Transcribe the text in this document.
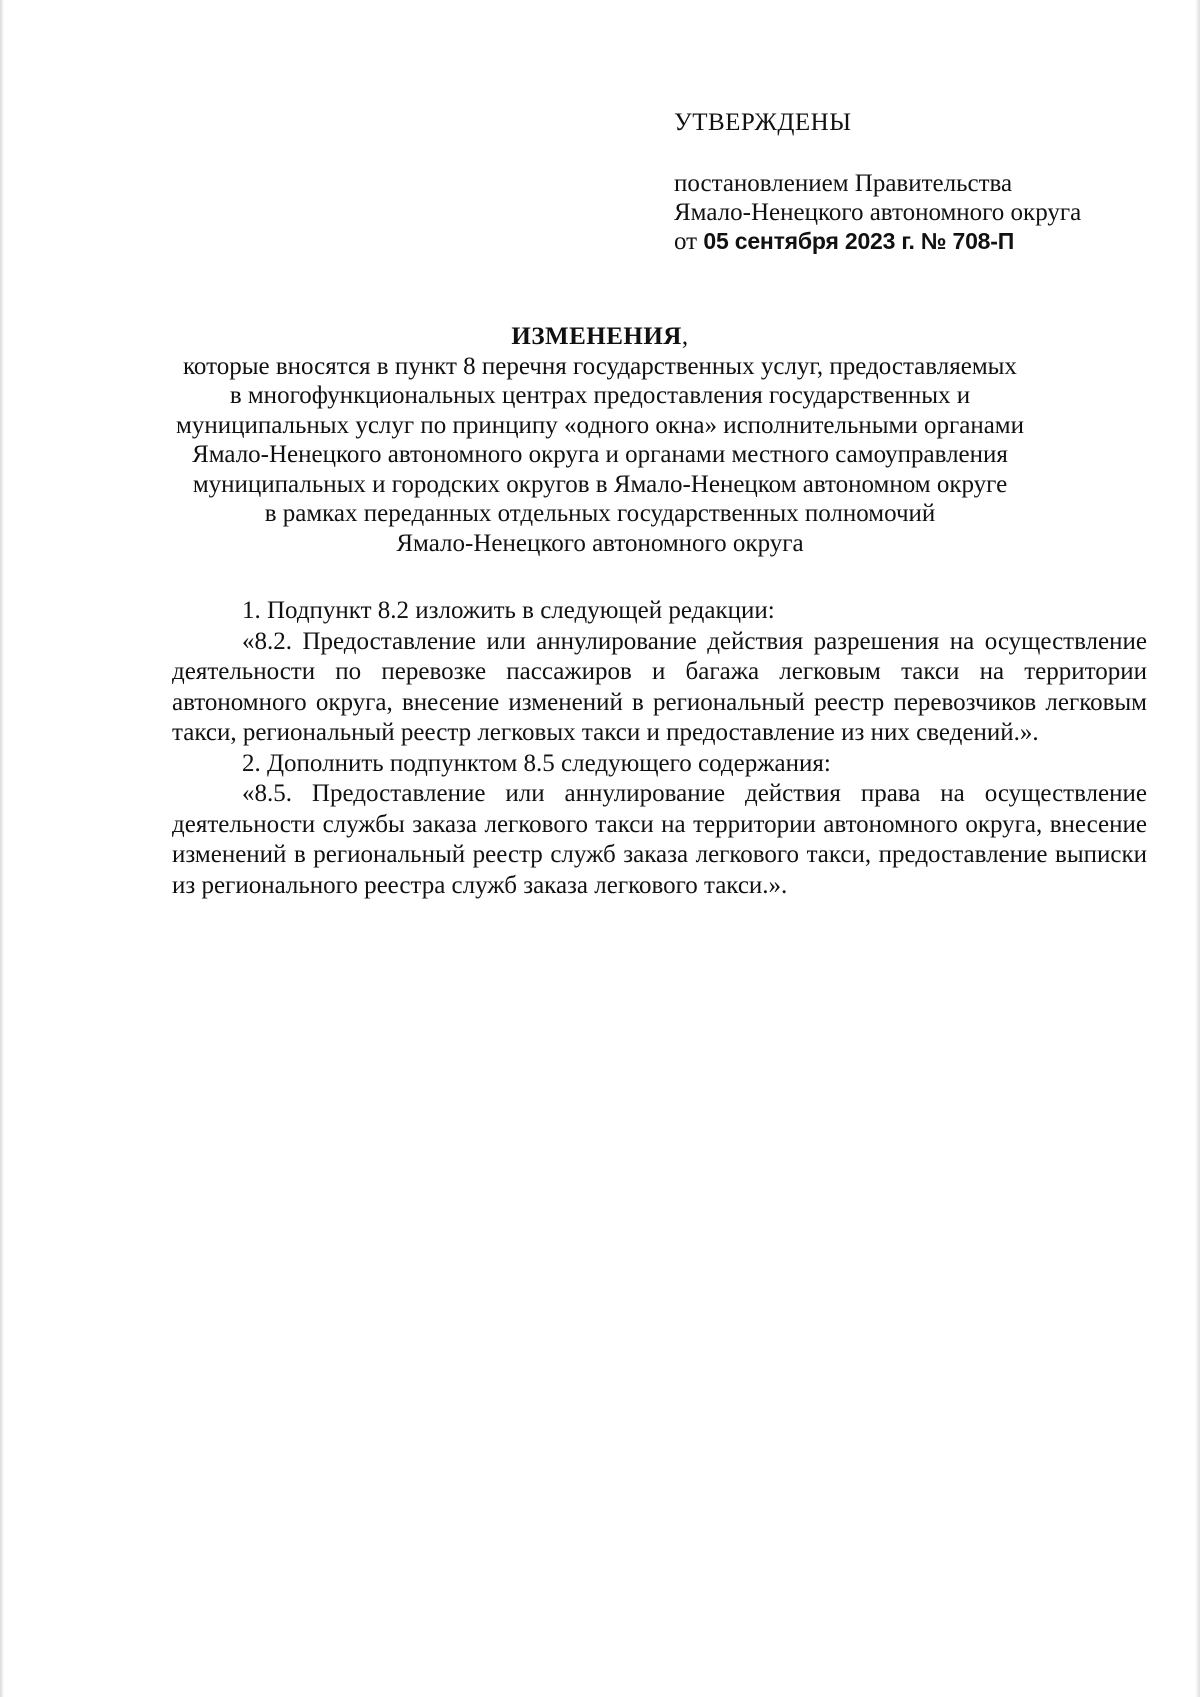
УТВЕРЖДЕНЫ

постановлением Правительства

Ямало-Ненецкого автономного округа

от 05 сентября 2023 г. № 708-П

ИЗМЕНЕНИЯ,

которые вносятся в пункт 8 перечня государственных услуг, предоставляемых

в многофункциональных центрах предоставления государственных и

муниципальных услуг по принципу «одного окна» исполнительными органами

Ямало-Ненецкого автономного округа и органами местного самоуправления

муниципальных и городских округов в Ямало-Ненецком автономном округе

в рамках переданных отдельных государственных полномочий

Ямало-Ненецкого автономного округа

1. Подпункт 8.2 изложить в следующей редакции:

«8.2. Предоставление или аннулирование действия разрешения на осуществление деятельности по перевозке пассажиров и багажа легковым такси на территории автономного округа, внесение изменений в региональный реестр перевозчиков легковым такси, региональный реестр легковых такси и предоставление из них сведений.».

2. Дополнить подпунктом 8.5 следующего содержания:

«8.5. Предоставление или аннулирование действия права на осуществление деятельности службы заказа легкового такси на территории автономного округа, внесение изменений в региональный реестр служб заказа легкового такси, предоставление выписки из регионального реестра служб заказа легкового такси.».
